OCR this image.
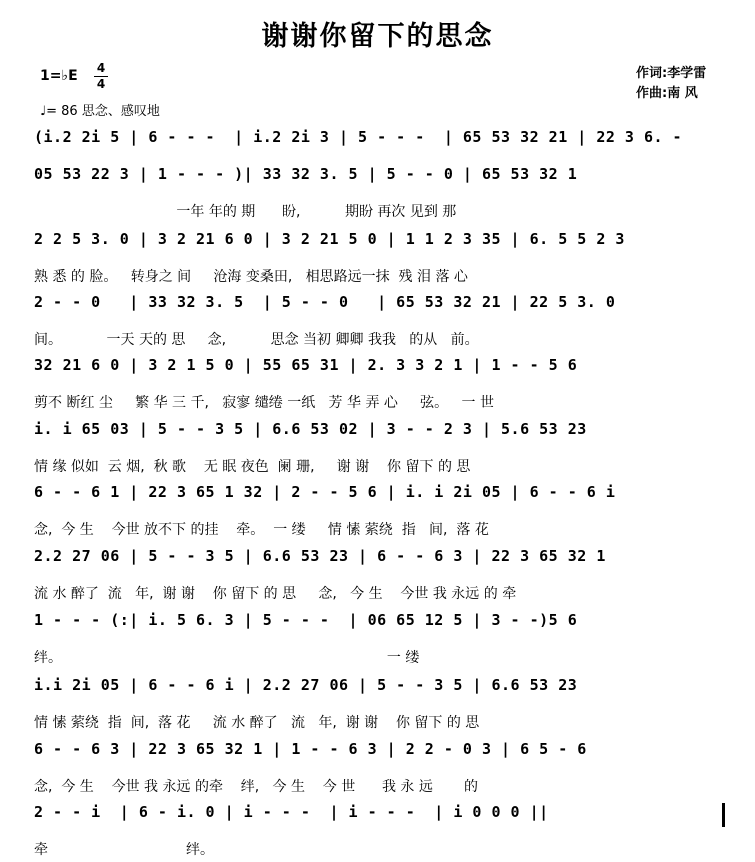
谢谢你留下的思念
作词:李学雷
作曲:南 风
1=♭E 4
4
♩= 86 思念、感叹地
(i.2 2i 5 | 6 - - -  | i.2 2i 3 | 5 - - -  | 65 53 32 21 | 22 3 6. -
05 53 22 3 | 1 - - - )| 33 32 3. 5 | 5 - - 0 | 65 53 32 1
一年 年的 期      盼,          期盼 再次 见到 那
2 2 5 3. 0 | 3 2 21 6 0 | 3 2 21 5 0 | 1 1 2 3 35 | 6. 5 5 2 3
熟 悉 的 脸。   转身之 间     沧海 变桑田,   相思路远一抹  残 泪 落 心
2 - - 0   | 33 32 3. 5  | 5 - - 0   | 65 53 32 21 | 22 5 3. 0
间。          一天 天的 思     念,          思念 当初 卿卿 我我   的从   前。
32 21 6 0 | 3 2 1 5 0 | 55 65 31 | 2. 3 3 2 1 | 1 - - 5 6
剪不 断红 尘     繁 华 三 千,   寂寥 缱绻 一纸   芳 华 弄 心     弦。   一 世
i. i 65 03 | 5 - - 3 5 | 6.6 53 02 | 3 - - 2 3 | 5.6 53 23
情 缘 似如  云 烟,  秋 歌    无 眠 夜色  阑 珊,     谢 谢    你 留下 的 思
6 - - 6 1 | 22 3 65 1 32 | 2 - - 5 6 | i. i 2i 05 | 6 - - 6 i
念,  今 生    今世 放不下 的挂    牵。  一 缕     情 愫 萦绕  指   间,  落 花
2.2 27 06 | 5 - - 3 5 | 6.6 53 23 | 6 - - 6 3 | 22 3 65 32 1
流 水 醉了  流   年,  谢 谢    你 留下 的 思     念,   今 生    今世 我 永远 的 牵
1 - - - (:| i. 5 6. 3 | 5 - - -  | 06 65 12 5 | 3 - -)5 6
绊。                                                                         一 缕
i.i 2i 05 | 6 - - 6 i | 2.2 27 06 | 5 - - 3 5 | 6.6 53 23
情 愫 萦绕  指  间,  落 花     流 水 醉了   流   年,  谢 谢    你 留下 的 思
6 - - 6 3 | 22 3 65 32 1 | 1 - - 6 3 | 2 2 - 0 3 | 6 5 - 6
念,  今 生    今世 我 永远 的牵    绊,   今 生    今 世      我 永 远       的
2 - - i  | 6 - i. 0 | i - - -  | i - - -  | i 0 0 0 ||
牵                               绊。
